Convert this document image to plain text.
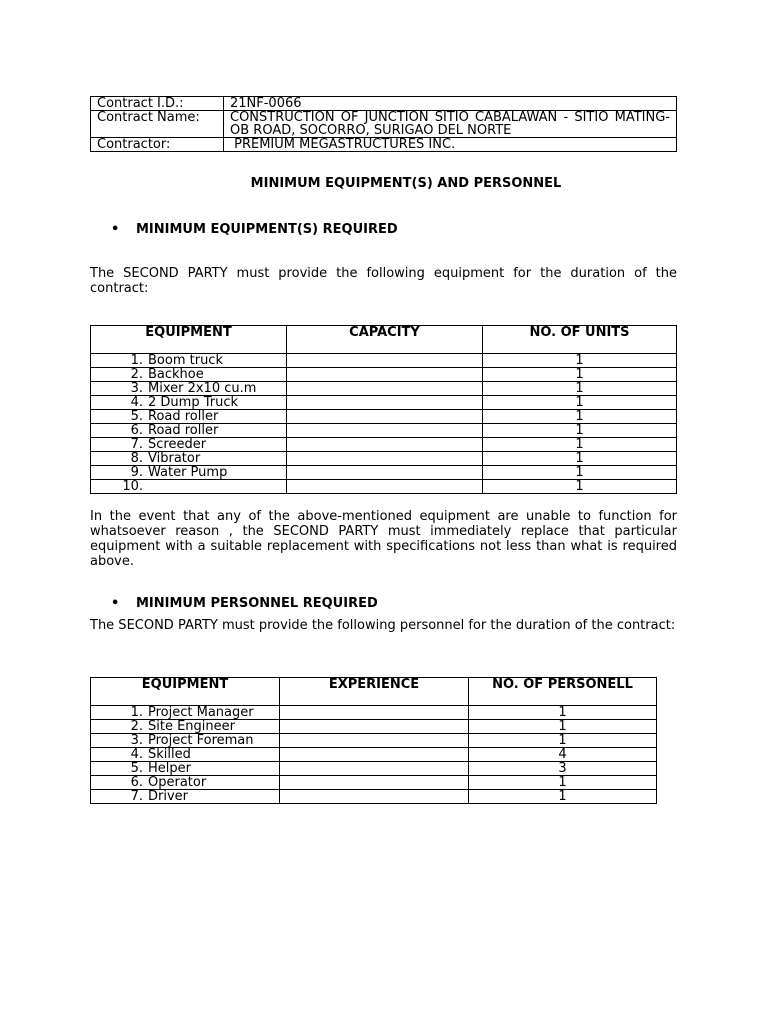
Contract I.D.:	21NF-0066
Contract Name:	CONSTRUCTION OF JUNCTION SITIO CABALAWAN - SITIO MATING-OB ROAD, SOCORRO, SURIGAO DEL NORTE
Contractor:	PREMIUM MEGASTRUCTURES INC.
MINIMUM EQUIPMENT(S) AND PERSONNEL
• MINIMUM EQUIPMENT(S) REQUIRED
The SECOND PARTY must provide the following equipment for the duration of the contract:
EQUIPMENT	CAPACITY	NO. OF UNITS
1. Boom truck		1
2. Backhoe		1
3. Mixer 2x10 cu.m		1
4. 2 Dump Truck		1
5. Road roller		1
6. Road roller		1
7. Screeder		1
8. Vibrator		1
9. Water Pump		1
10.		1
In the event that any of the above-mentioned equipment are unable to function for whatsoever reason , the SECOND PARTY must immediately replace that particular equipment with a suitable replacement with specifications not less than what is required above.
• MINIMUM PERSONNEL REQUIRED
The SECOND PARTY must provide the following personnel for the duration of the contract:
EQUIPMENT	EXPERIENCE	NO. OF PERSONELL
1. Project Manager		1
2. Site Engineer		1
3. Project Foreman		1
4. Skilled		4
5. Helper		3
6. Operator		1
7. Driver		1
